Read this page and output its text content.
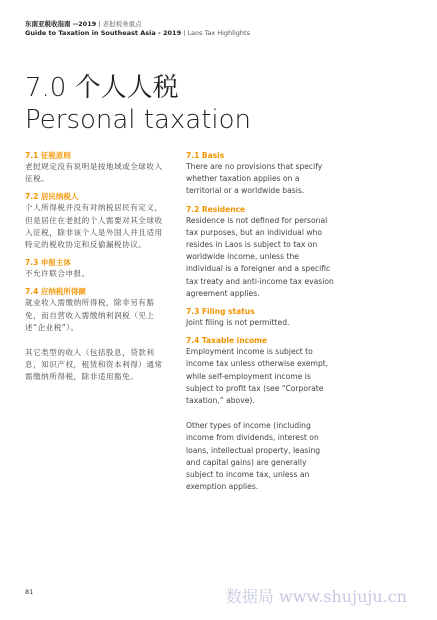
东南亚税收指南 --2019 | 老挝税务重点
Guide to Taxation in Southeast Asia - 2019 | Laos Tax Highlights
7.0 个人人税
Personal taxation
7.1 征税原则

老挝规定没有说明是按地域或全球收入征税。

7.2 居民纳税人

个人所得税并没有对纳税居民有定义，但是居住在老挝的个人需要对其全球收入征税，除非该个人是外国人并且适用特定的税收协定和反偷漏税协议。

7.3 申报主体

不允许联合申报。

7.4 应纳税所得额

就业收入需缴纳所得税，除非另有豁免，而自营收入需缴纳利润税（见上述“企业税”）。

其它类型的收入（包括股息，贷款利息，知识产权，租赁和资本利得）通常需缴纳所得税，除非适用豁免。

7.1 Basis

There are no provisions that specify whether taxation applies on a territorial or a worldwide basis.

7.2 Residence

Residence is not defined for personal tax purposes, but an individual who resides in Laos is subject to tax on worldwide income, unless the individual is a foreigner and a specific tax treaty and anti-income tax evasion agreement applies.

7.3 Filing status

Joint filing is not permitted.

7.4 Taxable income

Employment income is subject to income tax unless otherwise exempt, while self-employment income is subject to profit tax (see “Corporate taxation,” above).

Other types of income (including income from dividends, interest on loans, intellectual property, leasing and capital gains) are generally subject to income tax, unless an exemption applies.

81	数据局 www.shujuju.cn
